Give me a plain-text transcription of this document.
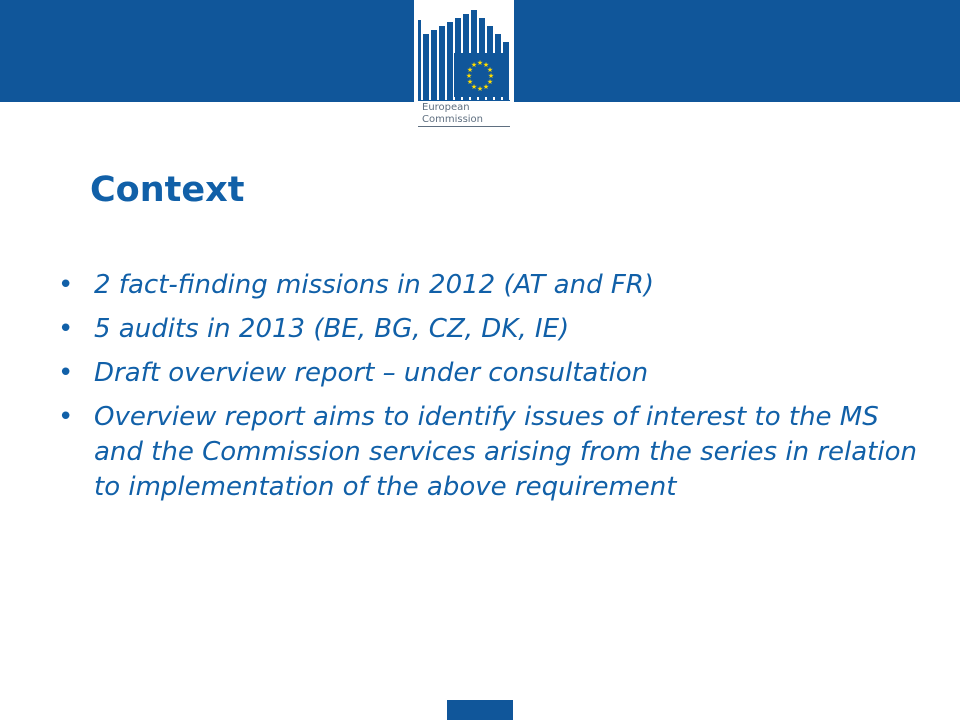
★ ★
★
★
★
★
★
★
★
★
★
★
European
Commission
Context
• 2 fact-finding missions in 2012 (AT and FR)
• 5 audits in 2013 (BE, BG, CZ, DK, IE)
• Draft overview report – under consultation
• Overview report aims to identify issues of interest to the MS and the Commission services arising from the series in relation to implementation of the above requirement
